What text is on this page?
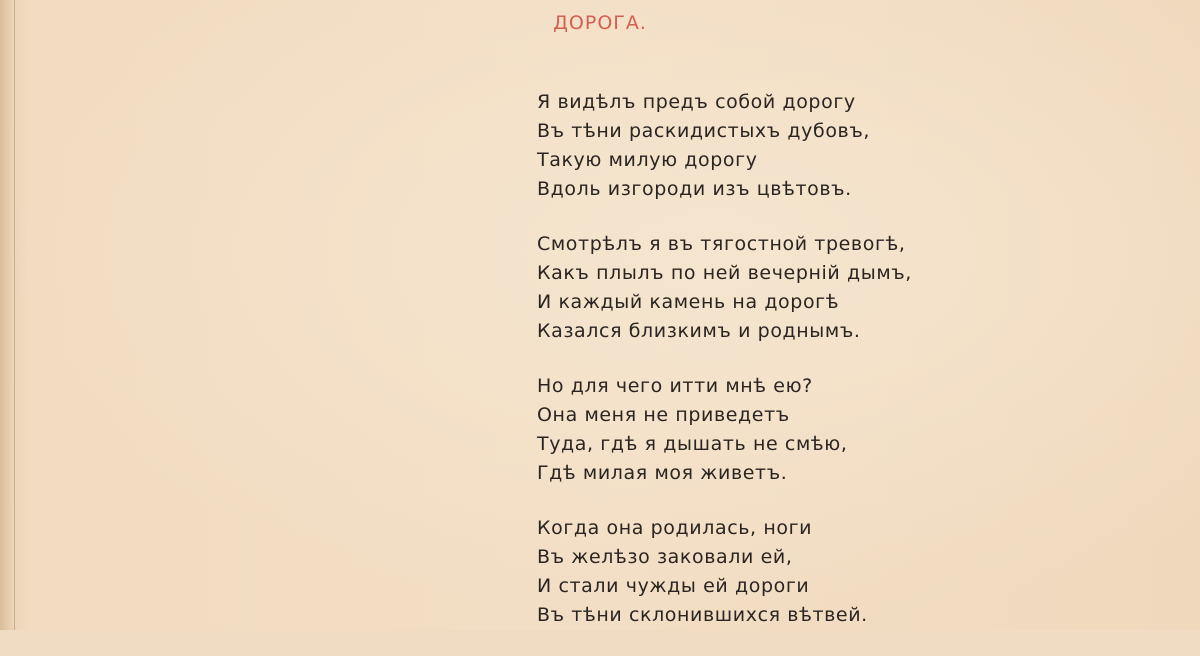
ДОРОГА.
Я видѣлъ предъ собой дорогу
Въ тѣни раскидистыхъ дубовъ,
Такую милую дорогу
Вдоль изгороди изъ цвѣтовъ.
Смотрѣлъ я въ тягостной тревогѣ,
Какъ плылъ по ней вечернiй дымъ,
И каждый камень на дорогѣ
Казался близкимъ и роднымъ.
Но для чего итти мнѣ ею?
Она меня не приведетъ
Туда, гдѣ я дышать не смѣю,
Гдѣ милая моя живетъ.
Когда она родилась, ноги
Въ желѣзо заковали ей,
И стали чужды ей дороги
Въ тѣни склонившихся вѣтвей.
